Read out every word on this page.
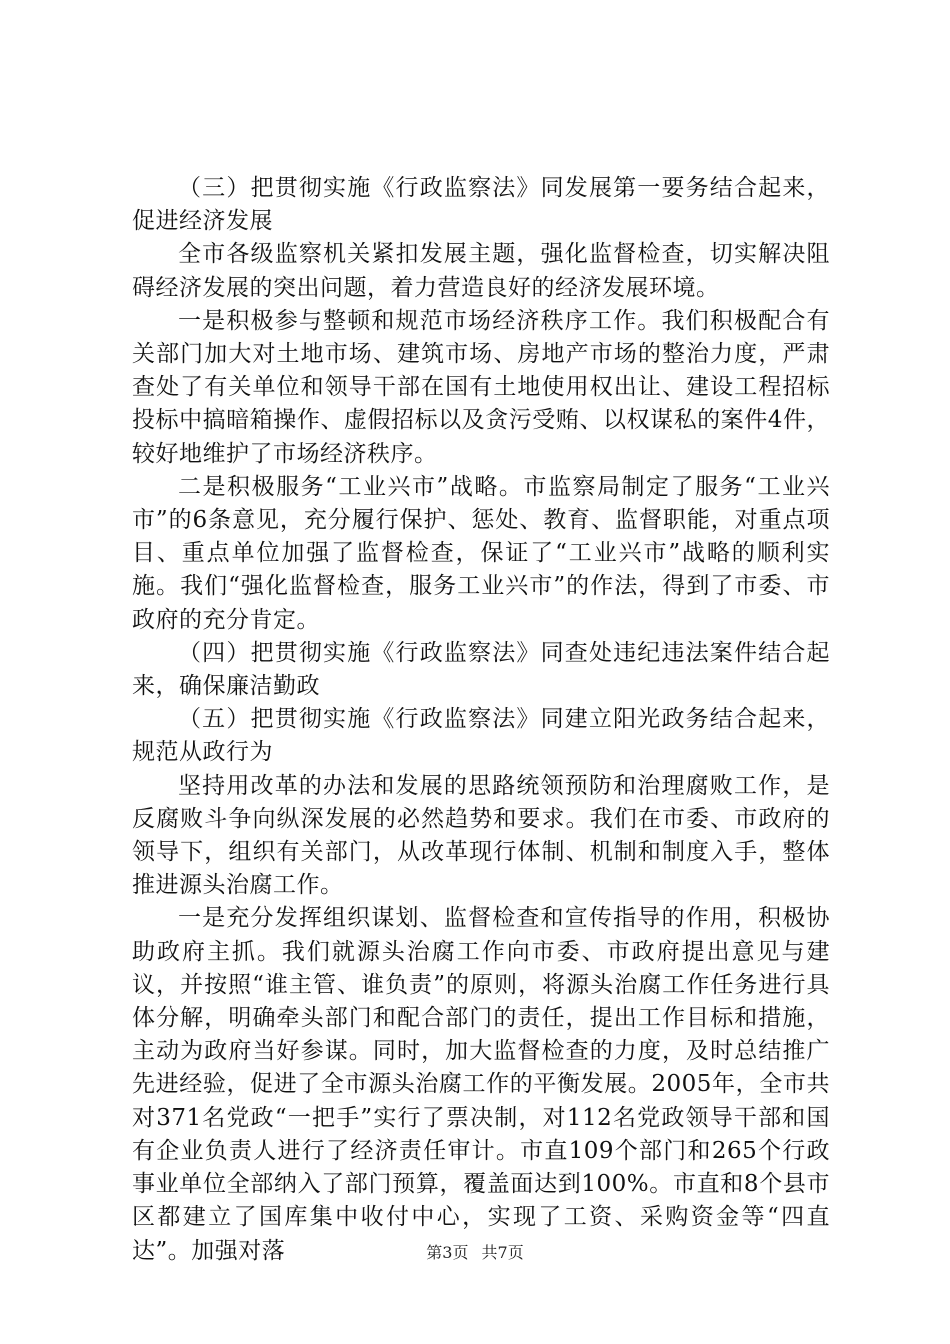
（三）把贯彻实施《行政监察法》同发展第一要务结合起来，促进经济发展

全市各级监察机关紧扣发展主题，强化监督检查，切实解决阻碍经济发展的突出问题，着力营造良好的经济发展环境。

一是积极参与整顿和规范市场经济秩序工作。我们积极配合有关部门加大对土地市场、建筑市场、房地产市场的整治力度，严肃查处了有关单位和领导干部在国有土地使用权出让、建设工程招标投标中搞暗箱操作、虚假招标以及贪污受贿、以权谋私的案件4件，较好地维护了市场经济秩序。

二是积极服务“工业兴市”战略。市监察局制定了服务“工业兴市”的6条意见，充分履行保护、惩处、教育、监督职能，对重点项目、重点单位加强了监督检查，保证了“工业兴市”战略的顺利实施。我们“强化监督检查，服务工业兴市”的作法，得到了市委、市政府的充分肯定。

（四）把贯彻实施《行政监察法》同查处违纪违法案件结合起来，确保廉洁勤政

（五）把贯彻实施《行政监察法》同建立阳光政务结合起来，规范从政行为

坚持用改革的办法和发展的思路统领预防和治理腐败工作，是反腐败斗争向纵深发展的必然趋势和要求。我们在市委、市政府的领导下，组织有关部门，从改革现行体制、机制和制度入手，整体推进源头治腐工作。

一是充分发挥组织谋划、监督检查和宣传指导的作用，积极协助政府主抓。我们就源头治腐工作向市委、市政府提出意见与建议，并按照“谁主管、谁负责”的原则，将源头治腐工作任务进行具体分解，明确牵头部门和配合部门的责任，提出工作目标和措施，主动为政府当好参谋。同时，加大监督检查的力度，及时总结推广先进经验，促进了全市源头治腐工作的平衡发展。2005年，全市共对371名党政“一把手”实行了票决制，对112名党政领导干部和国有企业负责人进行了经济责任审计。市直109个部门和265个行政事业单位全部纳入了部门预算，覆盖面达到100%。市直和8个县市区都建立了国库集中收付中心，实现了工资、采购资金等“四直达”。加强对落	第3页 共7页
